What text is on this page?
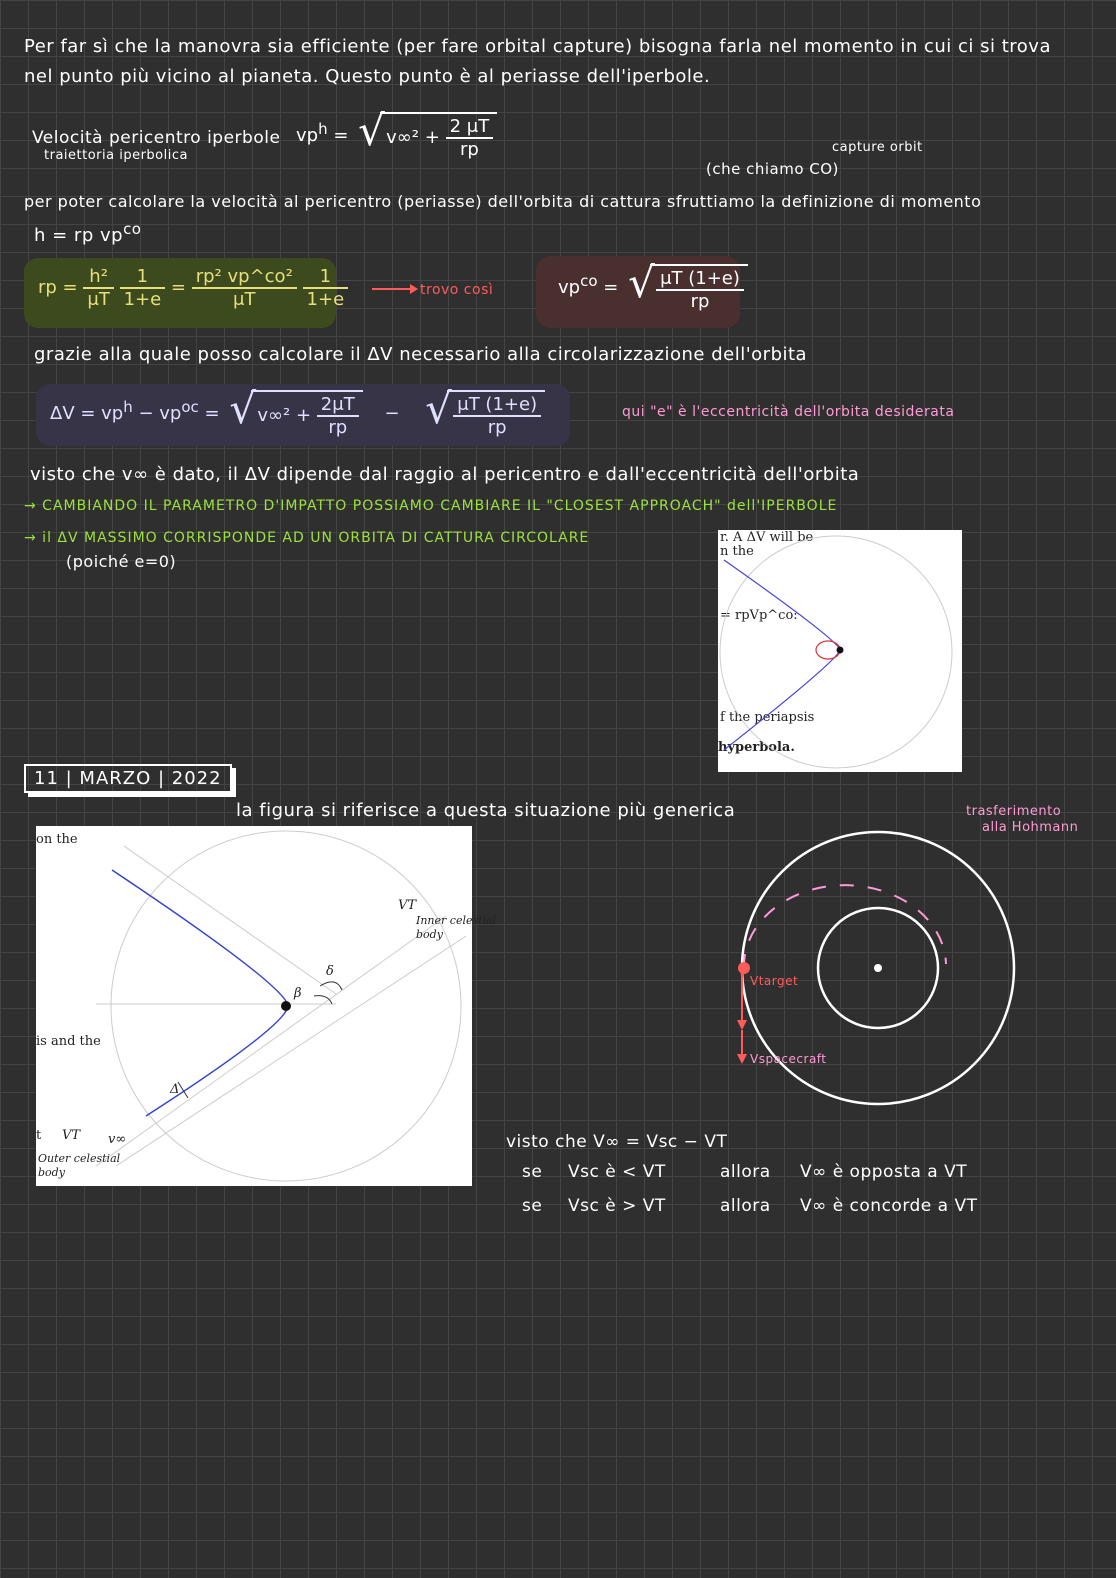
Per far sì che la manovra sia efficiente (per fare orbital capture) bisogna farla nel momento in cui ci si trova
nel punto più vicino al pianeta. Questo punto è al periasse dell'iperbole.
Velocità pericentro iperbole
traiettoria iperbolica
$vp^h$ = √ $v\infty^2 + \frac{2 \mu T}{rp}$	capture orbit
(che chiamo CO)
per poter calcolare la velocità al pericentro (periasse) dell'orbita di cattura sfruttiamo la definizione di momento
h = rp $vp^{co}$
rp = $\frac{\text{h²}}{\mu T}$
$\frac{1}{1+e} = \frac{\text{rp² vp\textasciicircum{}co²}}{\mu T}$
$\frac{1}{1+e}$	trovo così	$vp^{co}$ = √ $\frac{\mu T (1+e)}{rp}$
grazie alla quale posso calcolare il ΔV necessario alla circolarizzazione dell'orbita
$\Delta V = vp^h - vp^{oc}$ = √ $v\infty^2 + \frac{2\mu T}{rp}$ −	√ $\frac{\mu T (1+e)}{rp}$	qui "e" è l'eccentricità dell'orbita desiderata
visto che v∞ è dato, il ΔV dipende dal raggio al pericentro e dall'eccentricità dell'orbita
→ CAMBIANDO IL PARAMETRO D'IMPATTO POSSIAMO CAMBIARE IL "CLOSEST APPROACH" dell'IPERBOLE
→ il ΔV MASSIMO CORRISPONDE AD UN ORBITA DI CATTURA CIRCOLARE
(poiché e=0)
r. A ΔV will be
n the
= rpVp^co:
f the periapsis
hyperbola.
11 | MARZO | 2022
la figura si riferisce a questa situazione più generica	trasferimento
alla Hohmann
on the
VT
Inner celestial
body
δ
β
is and the
Δ
t VT v∞
Outer celestial
body
Vtarget
Vspacecraft
visto che V∞ = Vsc − VT
se Vsc è < VT	allora V∞ è opposta a VT
se Vsc è > VT	allora V∞ è concorde a VT
